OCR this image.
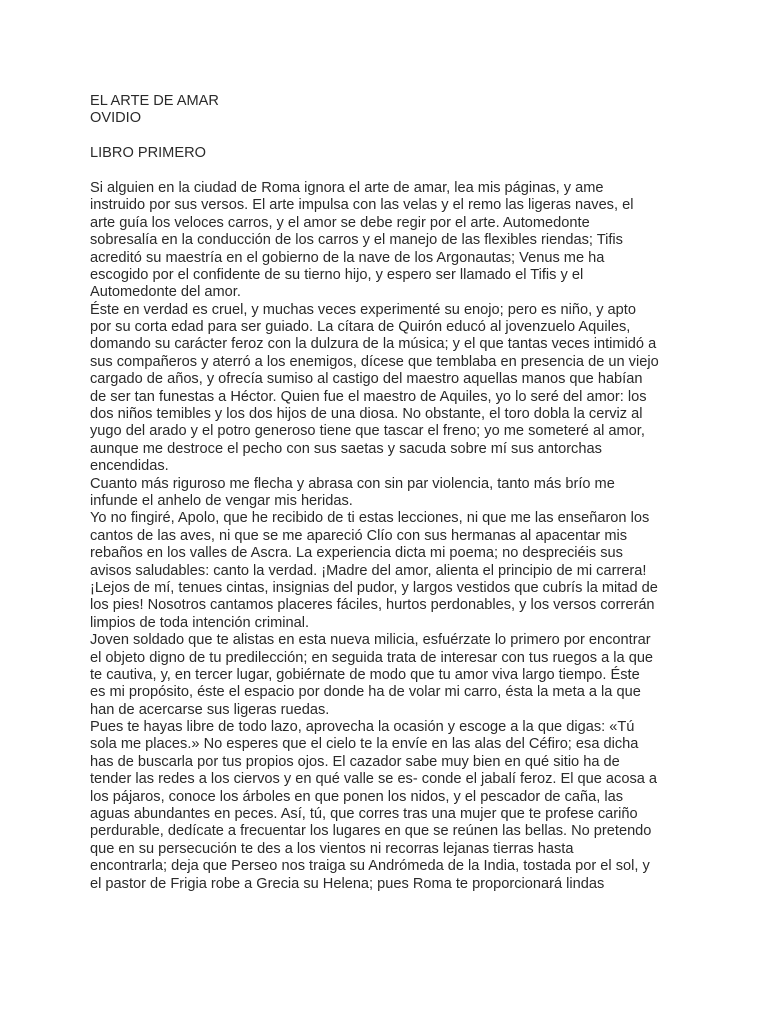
EL ARTE DE AMAR
OVIDIO
LIBRO PRIMERO
Si alguien en la ciudad de Roma ignora el arte de amar, lea mis páginas, y ame
instruido por sus versos. El arte impulsa con las velas y el remo las ligeras naves, el
arte guía los veloces carros, y el amor se debe regir por el arte. Automedonte
sobresalía en la conducción de los carros y el manejo de las flexibles riendas; Tifis
acreditó su maestría en el gobierno de la nave de los Argonautas; Venus me ha
escogido por el confidente de su tierno hijo, y espero ser llamado el Tifis y el
Automedonte del amor.
Éste en verdad es cruel, y muchas veces experimenté su enojo; pero es niño, y apto
por su corta edad para ser guiado. La cítara de Quirón educó al jovenzuelo Aquiles,
domando su carácter feroz con la dulzura de la música; y el que tantas veces intimidó a
sus compañeros y aterró a los enemigos, dícese que temblaba en presencia de un viejo
cargado de años, y ofrecía sumiso al castigo del maestro aquellas manos que habían
de ser tan funestas a Héctor. Quien fue el maestro de Aquiles, yo lo seré del amor: los
dos niños temibles y los dos hijos de una diosa. No obstante, el toro dobla la cerviz al
yugo del arado y el potro generoso tiene que tascar el freno; yo me someteré al amor,
aunque me destroce el pecho con sus saetas y sacuda sobre mí sus antorchas
encendidas.
Cuanto más riguroso me flecha y abrasa con sin par violencia, tanto más brío me
infunde el anhelo de vengar mis heridas.
Yo no fingiré, Apolo, que he recibido de ti estas lecciones, ni que me las enseñaron los
cantos de las aves, ni que se me apareció Clío con sus hermanas al apacentar mis
rebaños en los valles de Ascra. La experiencia dicta mi poema; no despreciéis sus
avisos saludables: canto la verdad. ¡Madre del amor, alienta el principio de mi carrera!
¡Lejos de mí, tenues cintas, insignias del pudor, y largos vestidos que cubrís la mitad de
los pies! Nosotros cantamos placeres fáciles, hurtos perdonables, y los versos correrán
limpios de toda intención criminal.
Joven soldado que te alistas en esta nueva milicia, esfuérzate lo primero por encontrar
el objeto digno de tu predilección; en seguida trata de interesar con tus ruegos a la que
te cautiva, y, en tercer lugar, gobiérnate de modo que tu amor viva largo tiempo. Éste
es mi propósito, éste el espacio por donde ha de volar mi carro, ésta la meta a la que
han de acercarse sus ligeras ruedas.
Pues te hayas libre de todo lazo, aprovecha la ocasión y escoge a la que digas: «Tú
sola me places.» No esperes que el cielo te la envíe en las alas del Céfiro; esa dicha
has de buscarla por tus propios ojos. El cazador sabe muy bien en qué sitio ha de
tender las redes a los ciervos y en qué valle se es- conde el jabalí feroz. El que acosa a
los pájaros, conoce los árboles en que ponen los nidos, y el pescador de caña, las
aguas abundantes en peces. Así, tú, que corres tras una mujer que te profese cariño
perdurable, dedícate a frecuentar los lugares en que se reúnen las bellas. No pretendo
que en su persecución te des a los vientos ni recorras lejanas tierras hasta
encontrarla; deja que Perseo nos traiga su Andrómeda de la India, tostada por el sol, y
el pastor de Frigia robe a Grecia su Helena; pues Roma te proporcionará lindas
